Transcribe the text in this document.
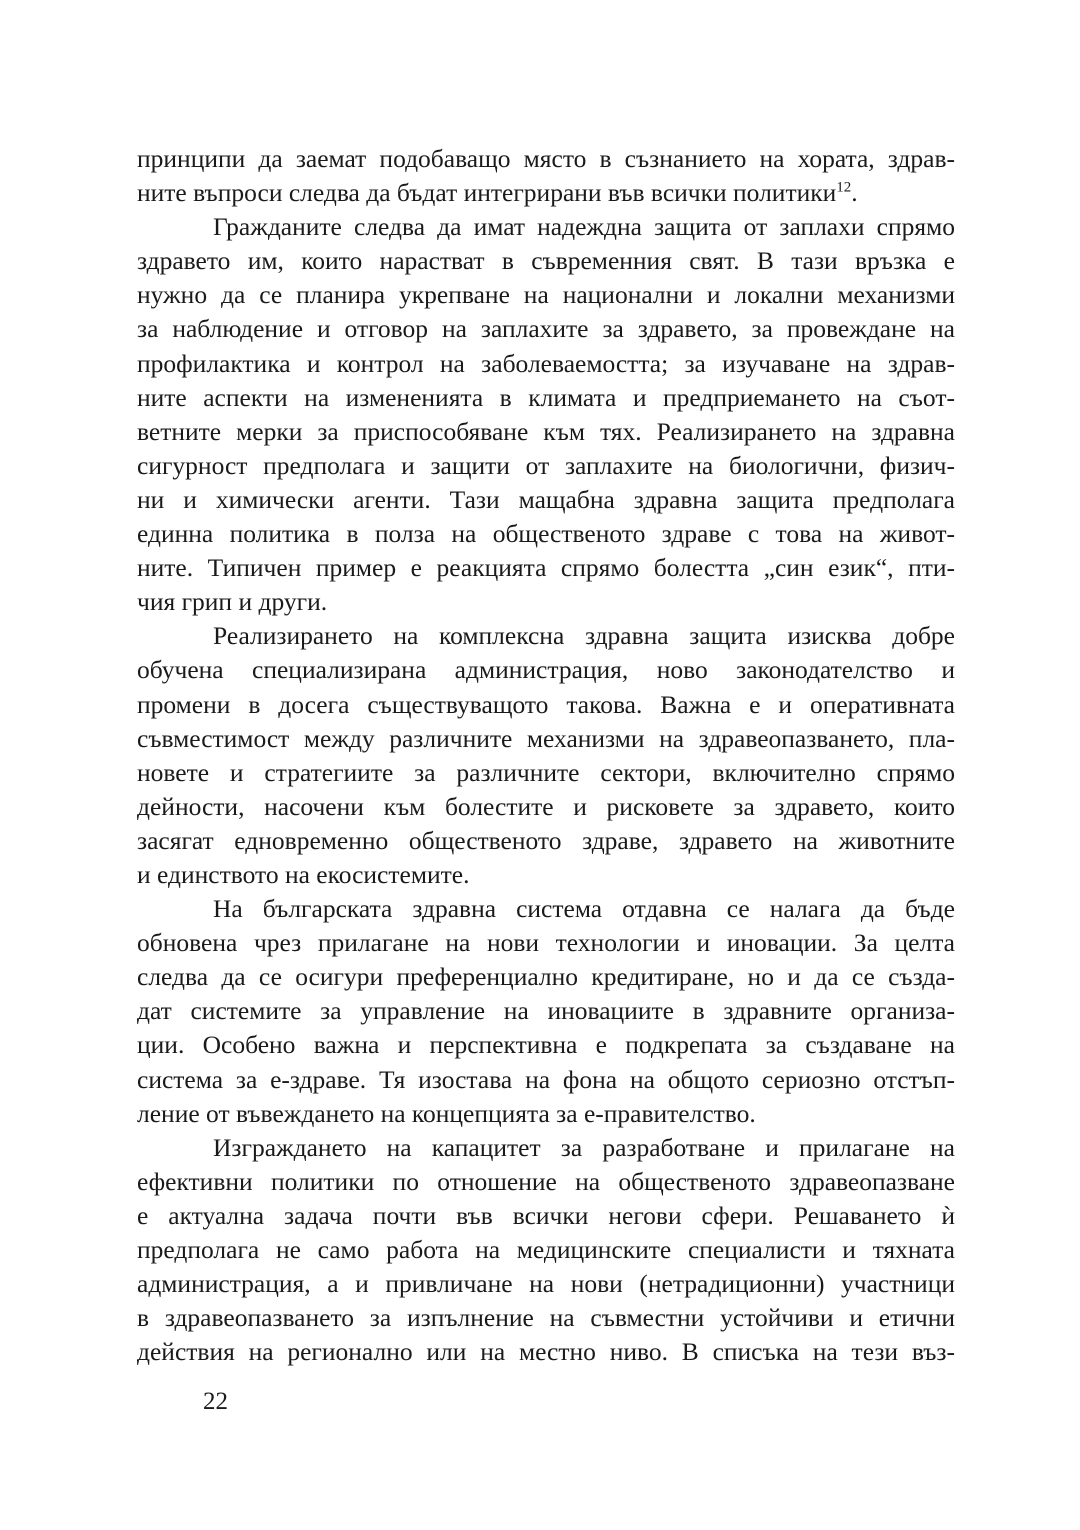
принципи да заемат подобаващо място в съзнанието на хората, здрав-
ните въпроси следва да бъдат интегрирани във всички политики$^{12}$.
Гражданите следва да имат надеждна защита от заплахи спрямо
здравето им, които нарастват в съвременния свят. В тази връзка е
нужно да се планира укрепване на национални и локални механизми
за наблюдение и отговор на заплахите за здравето, за провеждане на
профилактика и контрол на заболеваемостта; за изучаване на здрав-
ните аспекти на измененията в климата и предприемането на съот-
ветните мерки за приспособяване към тях. Реализирането на здравна
сигурност предполага и защити от заплахите на биологични, физич-
ни и химически агенти. Тази мащабна здравна защита предполага
единна политика в полза на общественото здраве с това на живот-
ните. Типичен пример е реакцията спрямо болестта „син език“, пти-
чия грип и други.
Реализирането на комплексна здравна защита изисква добре
обучена специализирана администрация, ново законодателство и
промени в досега съществуващото такова. Важна е и оперативната
съвместимост между различните механизми на здравеопазването, пла-
новете и стратегиите за различните сектори, включително спрямо
дейности, насочени към болестите и рисковете за здравето, които
засягат едновременно общественото здраве, здравето на животните
и единството на екосистемите.
На българската здравна система отдавна се налага да бъде
обновена чрез прилагане на нови технологии и иновации. За целта
следва да се осигури преференциално кредитиране, но и да се създа-
дат системите за управление на иновациите в здравните организа-
ции. Особено важна и перспективна е подкрепата за създаване на
система за е-здраве. Тя изостава на фона на общото сериозно отстъп-
ление от въвеждането на концепцията за е-правителство.
Изграждането на капацитет за разработване и прилагане на
ефективни политики по отношение на общественото здравеопазване
е актуална задача почти във всички негови сфери. Решаването ѝ
предполага не само работа на медицинските специалисти и тяхната
администрация, а и привличане на нови (нетрадиционни) участници
в здравеопазването за изпълнение на съвместни устойчиви и етични
действия на регионално или на местно ниво. В списъка на тези въз-
22
